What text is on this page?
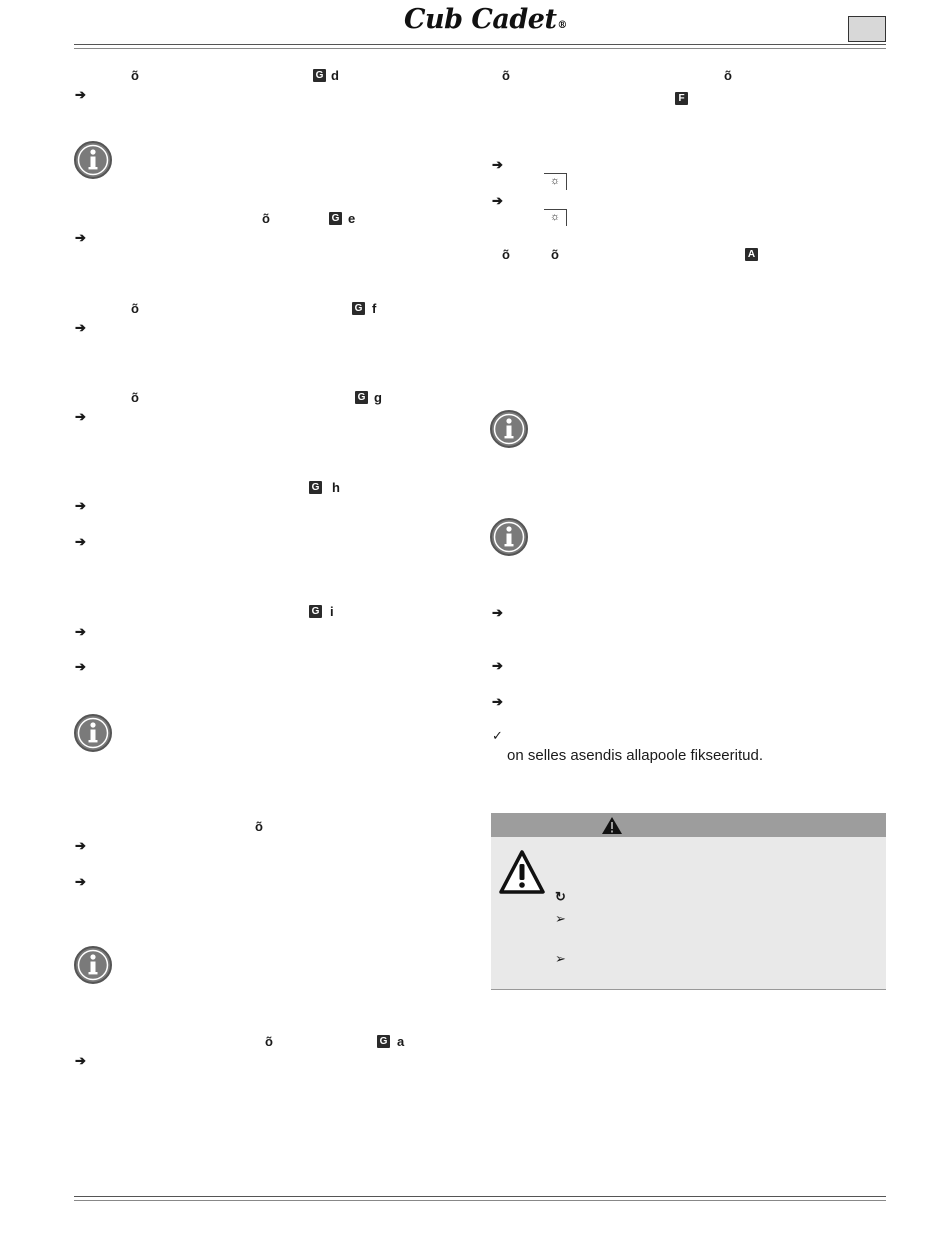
Cub Cadet®
õ	G d
➔
õ	G e
➔
õ	G f
➔
õ	G g
➔
G h
➔
➔
G i
➔
➔
õ
➔
➔
õ	G a
➔
õ	õ
F
➔
☼
➔
☼
õ	õ	A
➔
➔
➔
✓
on selles asendis allapoole fikseeritud.
↻
➢
➢
